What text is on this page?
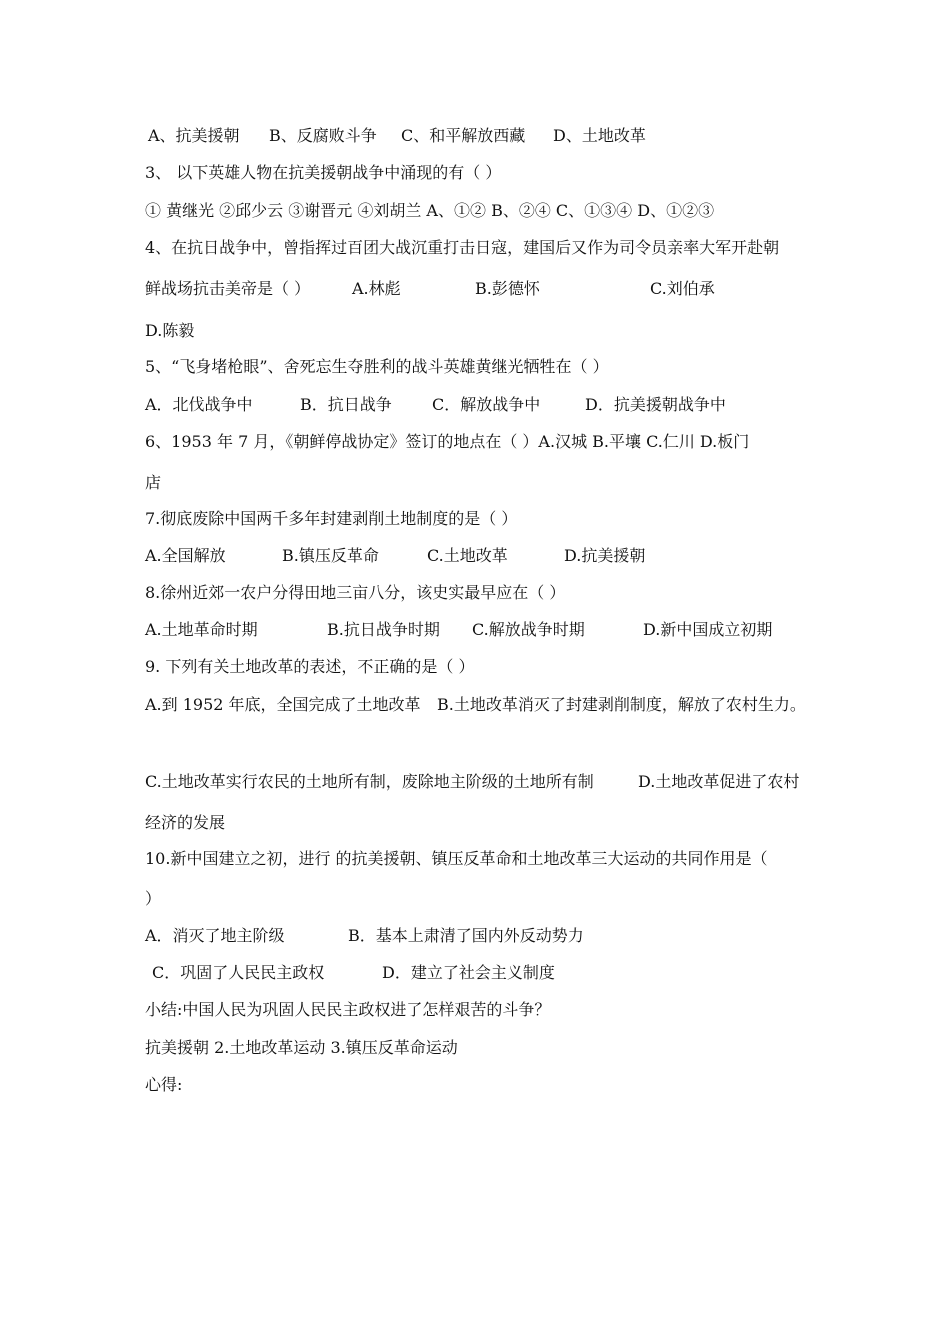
A、抗美援朝 B、反腐败斗争 C、和平解放西藏 D、土地改革
3、 以下英雄人物在抗美援朝战争中涌现的有（ ）
① 黄继光 ②邱少云 ③谢晋元 ④刘胡兰 A、①② B、②④ C、①③④ D、①②③
4、在抗日战争中，曾指挥过百团大战沉重打击日寇，建国后又作为司令员亲率大军开赴朝
鲜战场抗击美帝是（ ）	A.林彪	B.彭德怀	C.刘伯承
D.陈毅
5、“飞身堵枪眼”、舍死忘生夺胜利的战斗英雄黄继光牺牲在（ ）
A．北伐战争中	B．抗日战争	C．解放战争中	D．抗美援朝战争中
6、1953 年 7 月，《朝鲜停战协定》签订的地点在（ ）A.汉城 B.平壤 C.仁川 D.板门
店
7.彻底废除中国两千多年封建剥削土地制度的是（ ）
A.全国解放	B.镇压反革命	C.土地改革	D.抗美援朝
8.徐州近郊一农户分得田地三亩八分，该史实最早应在（ ）
A.土地革命时期	B.抗日战争时期 C.解放战争时期	D.新中国成立初期
9. 下列有关土地改革的表述，不正确的是（ ）
A.到 1952 年底，全国完成了土地改革 B.土地改革消灭了封建剥削制度，解放了农村生力。
C.土地改革实行农民的土地所有制，废除地主阶级的土地所有制	D.土地改革促进了农村
经济的发展
10.新中国建立之初，进行 的抗美援朝、镇压反革命和土地改革三大运动的共同作用是（
）
A．消灭了地主阶级	B．基本上肃清了国内外反动势力
C．巩固了人民民主政权	D．建立了社会主义制度
小结:中国人民为巩固人民民主政权进了怎样艰苦的斗争？
抗美援朝 2.土地改革运动 3.镇压反革命运动
心得:
